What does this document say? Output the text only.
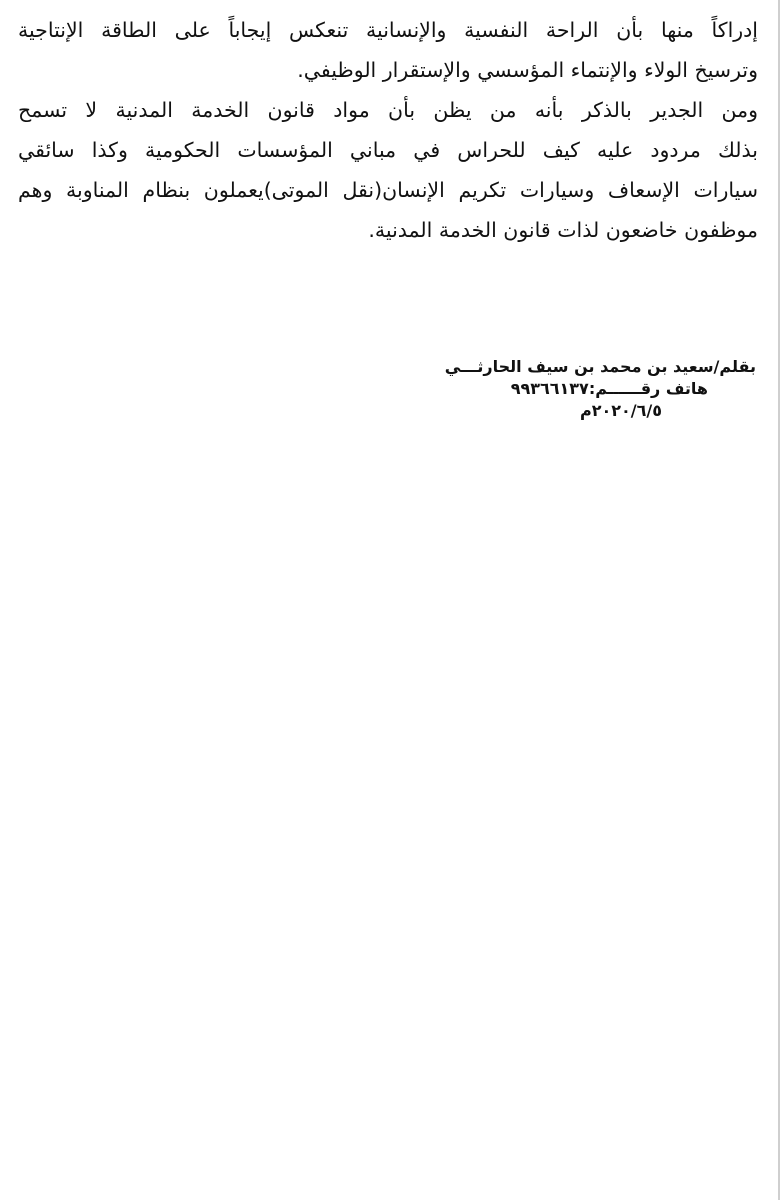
إدراكاً منها بأن الراحة النفسية والإنسانية تنعكس إيجاباً على الطاقة الإنتاجية
وترسيخ الولاء والإنتماء المؤسسي والإستقرار الوظيفي.
ومن الجدير بالذكر بأنه من يظن بأن مواد قانون الخدمة المدنية لا تسمح
بذلك مردود عليه كيف للحراس في مباني المؤسسات الحكومية وكذا سائقي
سيارات الإسعاف وسيارات تكريم الإنسان(نقل الموتى)يعملون بنظام المناوبة وهم
موظفون خاضعون لذات قانون الخدمة المدنية.
بقلم/سعيد بن محمد بن سيف الحارثـــي
هاتف رقــــــم:٩٩٣٦٦١٣٧
٢٠٢٠/٦/٥م
